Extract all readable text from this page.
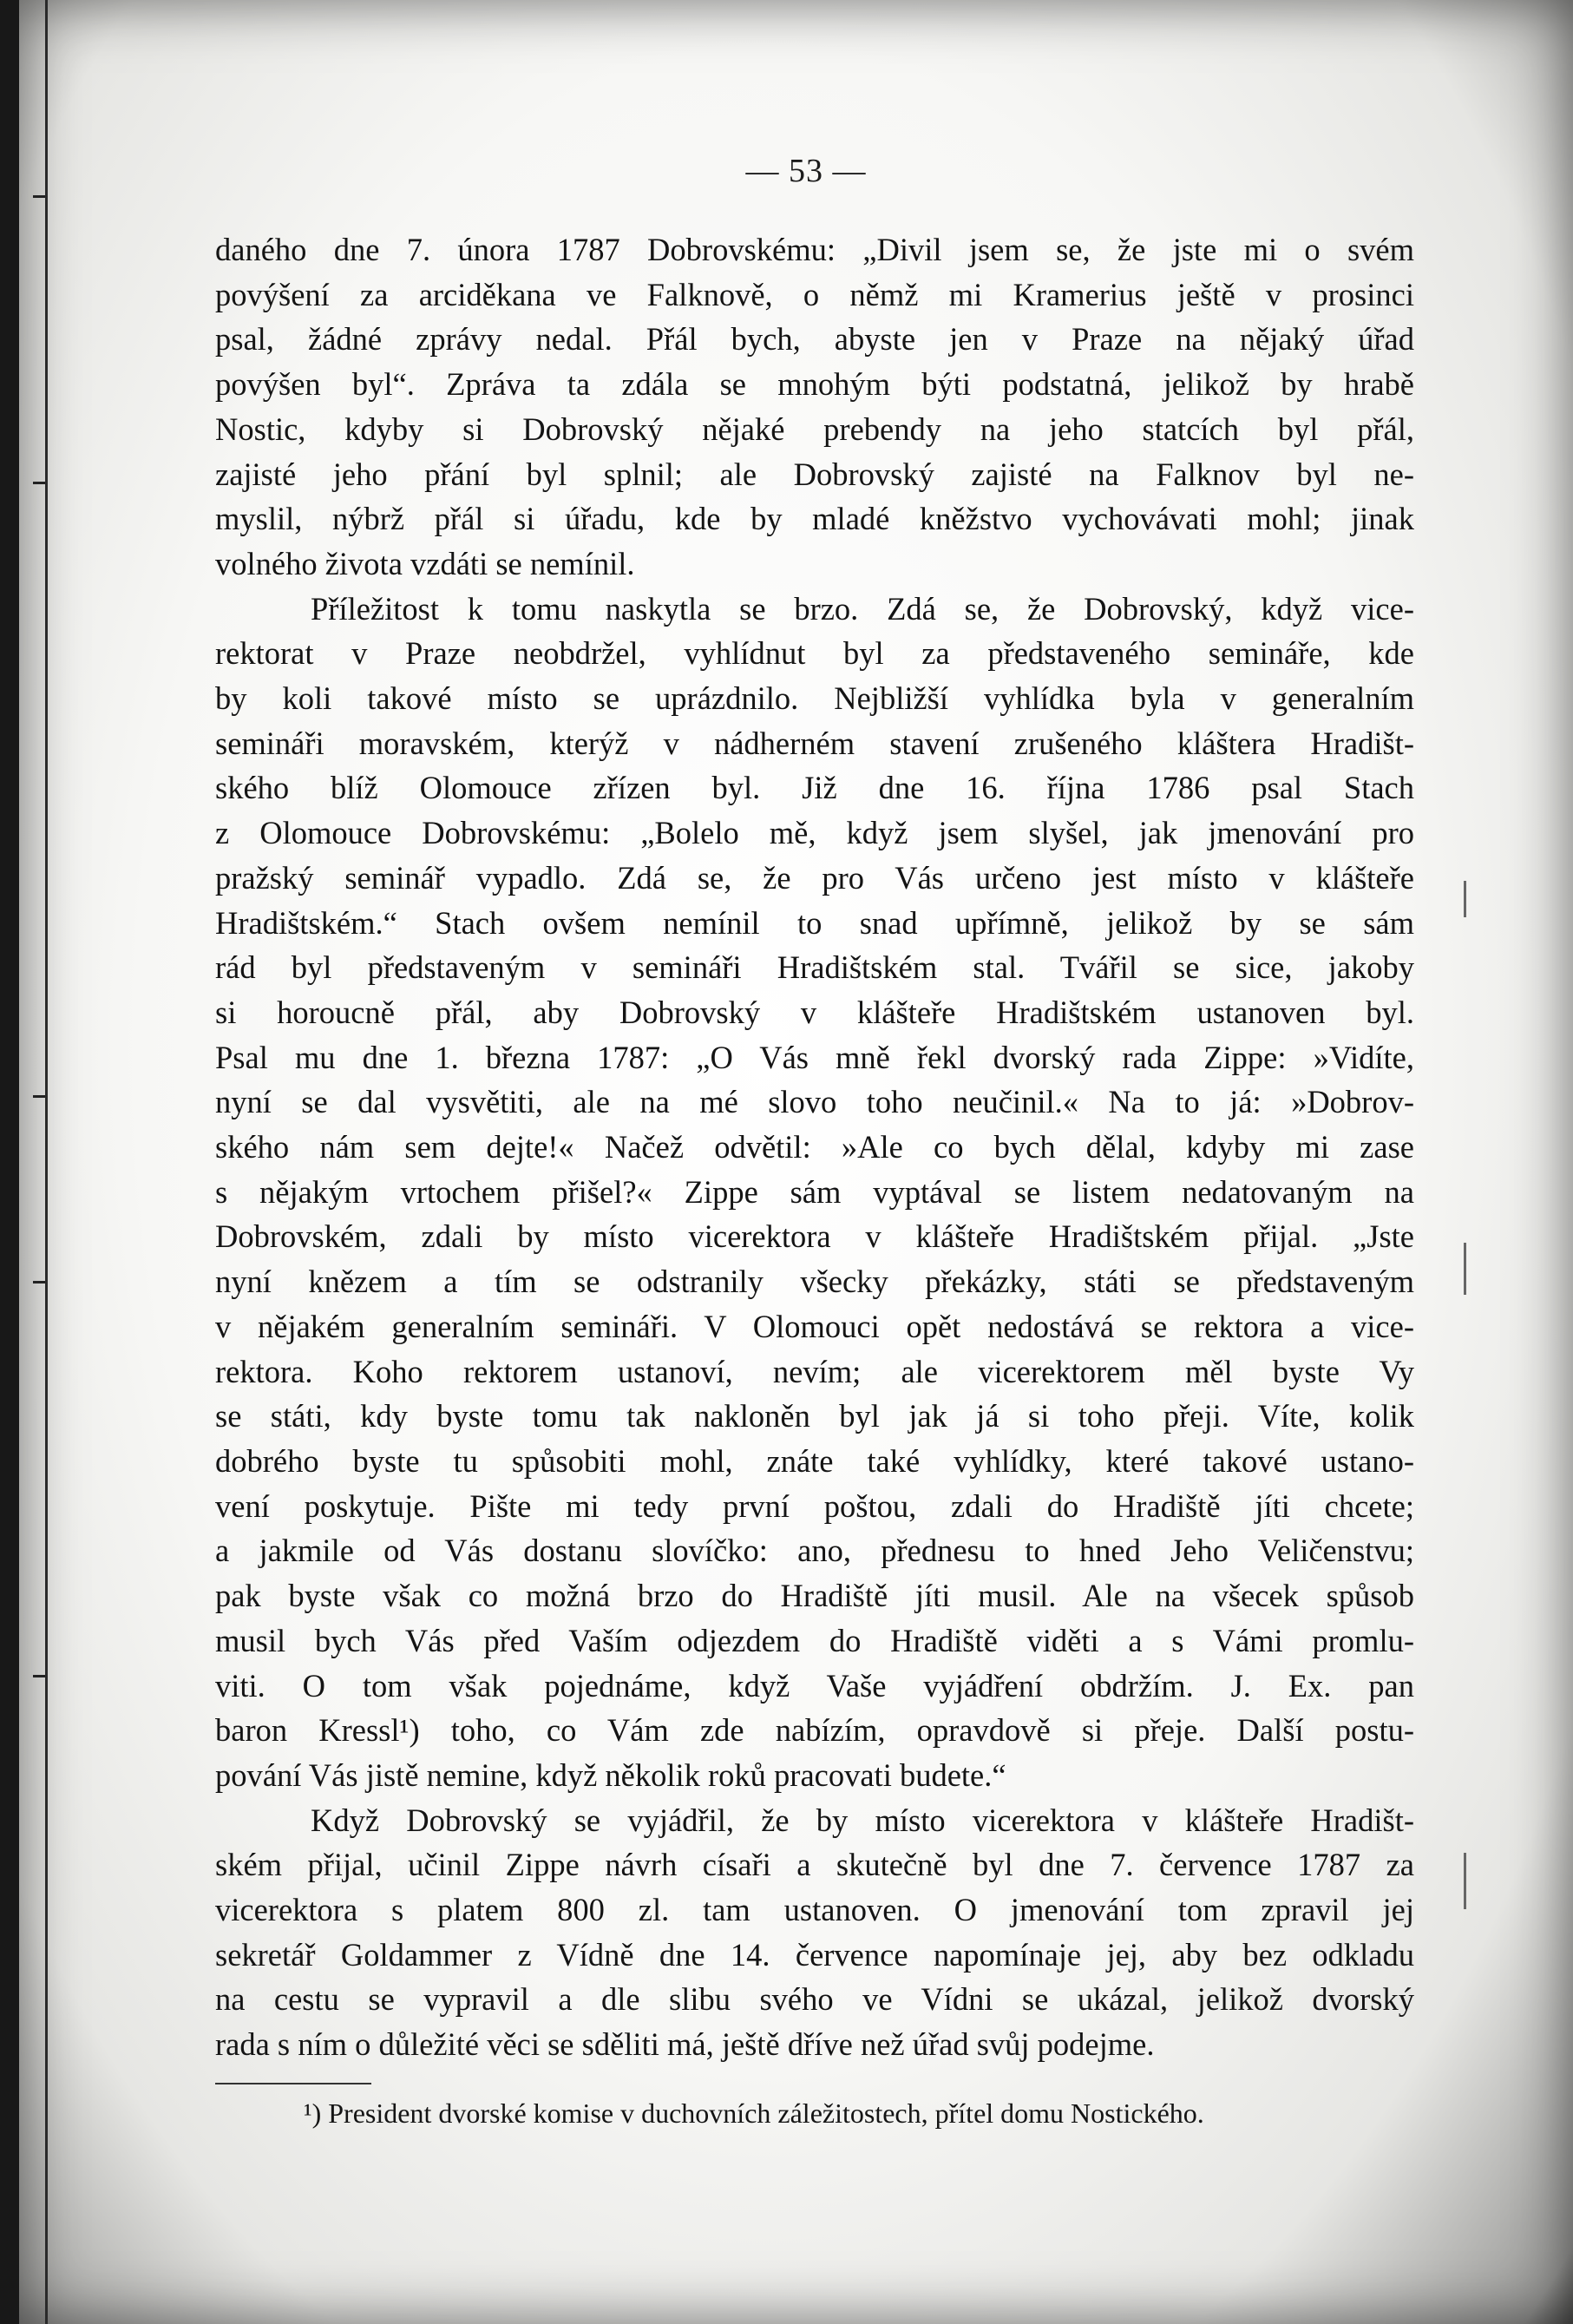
— 53 —
daného dne 7. února 1787 Dobrovskému: „Divil jsem se, že jste mi o svém
povýšení za arciděkana ve Falknově, o němž mi Kramerius ještě v prosinci
psal, žádné zprávy nedal. Přál bych, abyste jen v Praze na nějaký úřad
povýšen byl“. Zpráva ta zdála se mnohým býti podstatná, jelikož by hrabě
Nostic, kdyby si Dobrovský nějaké prebendy na jeho statcích byl přál,
zajisté jeho přání byl splnil; ale Dobrovský zajisté na Falknov byl ne-
myslil, nýbrž přál si úřadu, kde by mladé kněžstvo vychovávati mohl; jinak
volného života vzdáti se nemínil.
Příležitost k tomu naskytla se brzo. Zdá se, že Dobrovský, když vice-
rektorat v Praze neobdržel, vyhlídnut byl za představeného semináře, kde
by koli takové místo se uprázdnilo. Nejbližší vyhlídka byla v generalním
semináři moravském, kterýž v nádherném stavení zrušeného kláštera Hradišt-
ského blíž Olomouce zřízen byl. Již dne 16. října 1786 psal Stach
z Olomouce Dobrovskému: „Bolelo mě, když jsem slyšel, jak jmenování pro
pražský seminář vypadlo. Zdá se, že pro Vás určeno jest místo v klášteře
Hradištském.“ Stach ovšem nemínil to snad upřímně, jelikož by se sám
rád byl představeným v semináři Hradištském stal. Tvářil se sice, jakoby
si horoucně přál, aby Dobrovský v klášteře Hradištském ustanoven byl.
Psal mu dne 1. března 1787: „O Vás mně řekl dvorský rada Zippe: »Vidíte,
nyní se dal vysvětiti, ale na mé slovo toho neučinil.« Na to já: »Dobrov-
ského nám sem dejte!« Načež odvětil: »Ale co bych dělal, kdyby mi zase
s nějakým vrtochem přišel?« Zippe sám vyptával se listem nedatovaným na
Dobrovském, zdali by místo vicerektora v klášteře Hradištském přijal. „Jste
nyní knězem a tím se odstranily všecky překázky, státi se představeným
v nějakém generalním semináři. V Olomouci opět nedostává se rektora a vice-
rektora. Koho rektorem ustanoví, nevím; ale vicerektorem měl byste Vy
se státi, kdy byste tomu tak nakloněn byl jak já si toho přeji. Víte, kolik
dobrého byste tu spůsobiti mohl, znáte také vyhlídky, které takové ustano-
vení poskytuje. Pište mi tedy první poštou, zdali do Hradiště jíti chcete;
a jakmile od Vás dostanu slovíčko: ano, přednesu to hned Jeho Veličenstvu;
pak byste však co možná brzo do Hradiště jíti musil. Ale na všecek spůsob
musil bych Vás před Vaším odjezdem do Hradiště viděti a s Vámi promlu-
viti. O tom však pojednáme, když Vaše vyjádření obdržím. J. Ex. pan
baron Kressl¹) toho, co Vám zde nabízím, opravdově si přeje. Další postu-
pování Vás jistě nemine, když několik roků pracovati budete.“
Když Dobrovský se vyjádřil, že by místo vicerektora v klášteře Hradišt-
ském přijal, učinil Zippe návrh císaři a skutečně byl dne 7. července 1787 za
vicerektora s platem 800 zl. tam ustanoven. O jmenování tom zpravil jej
sekretář Goldammer z Vídně dne 14. července napomínaje jej, aby bez odkladu
na cestu se vypravil a dle slibu svého ve Vídni se ukázal, jelikož dvorský
rada s ním o důležité věci se sděliti má, ještě dříve než úřad svůj podejme.
¹) President dvorské komise v duchovních záležitostech, přítel domu Nostického.
